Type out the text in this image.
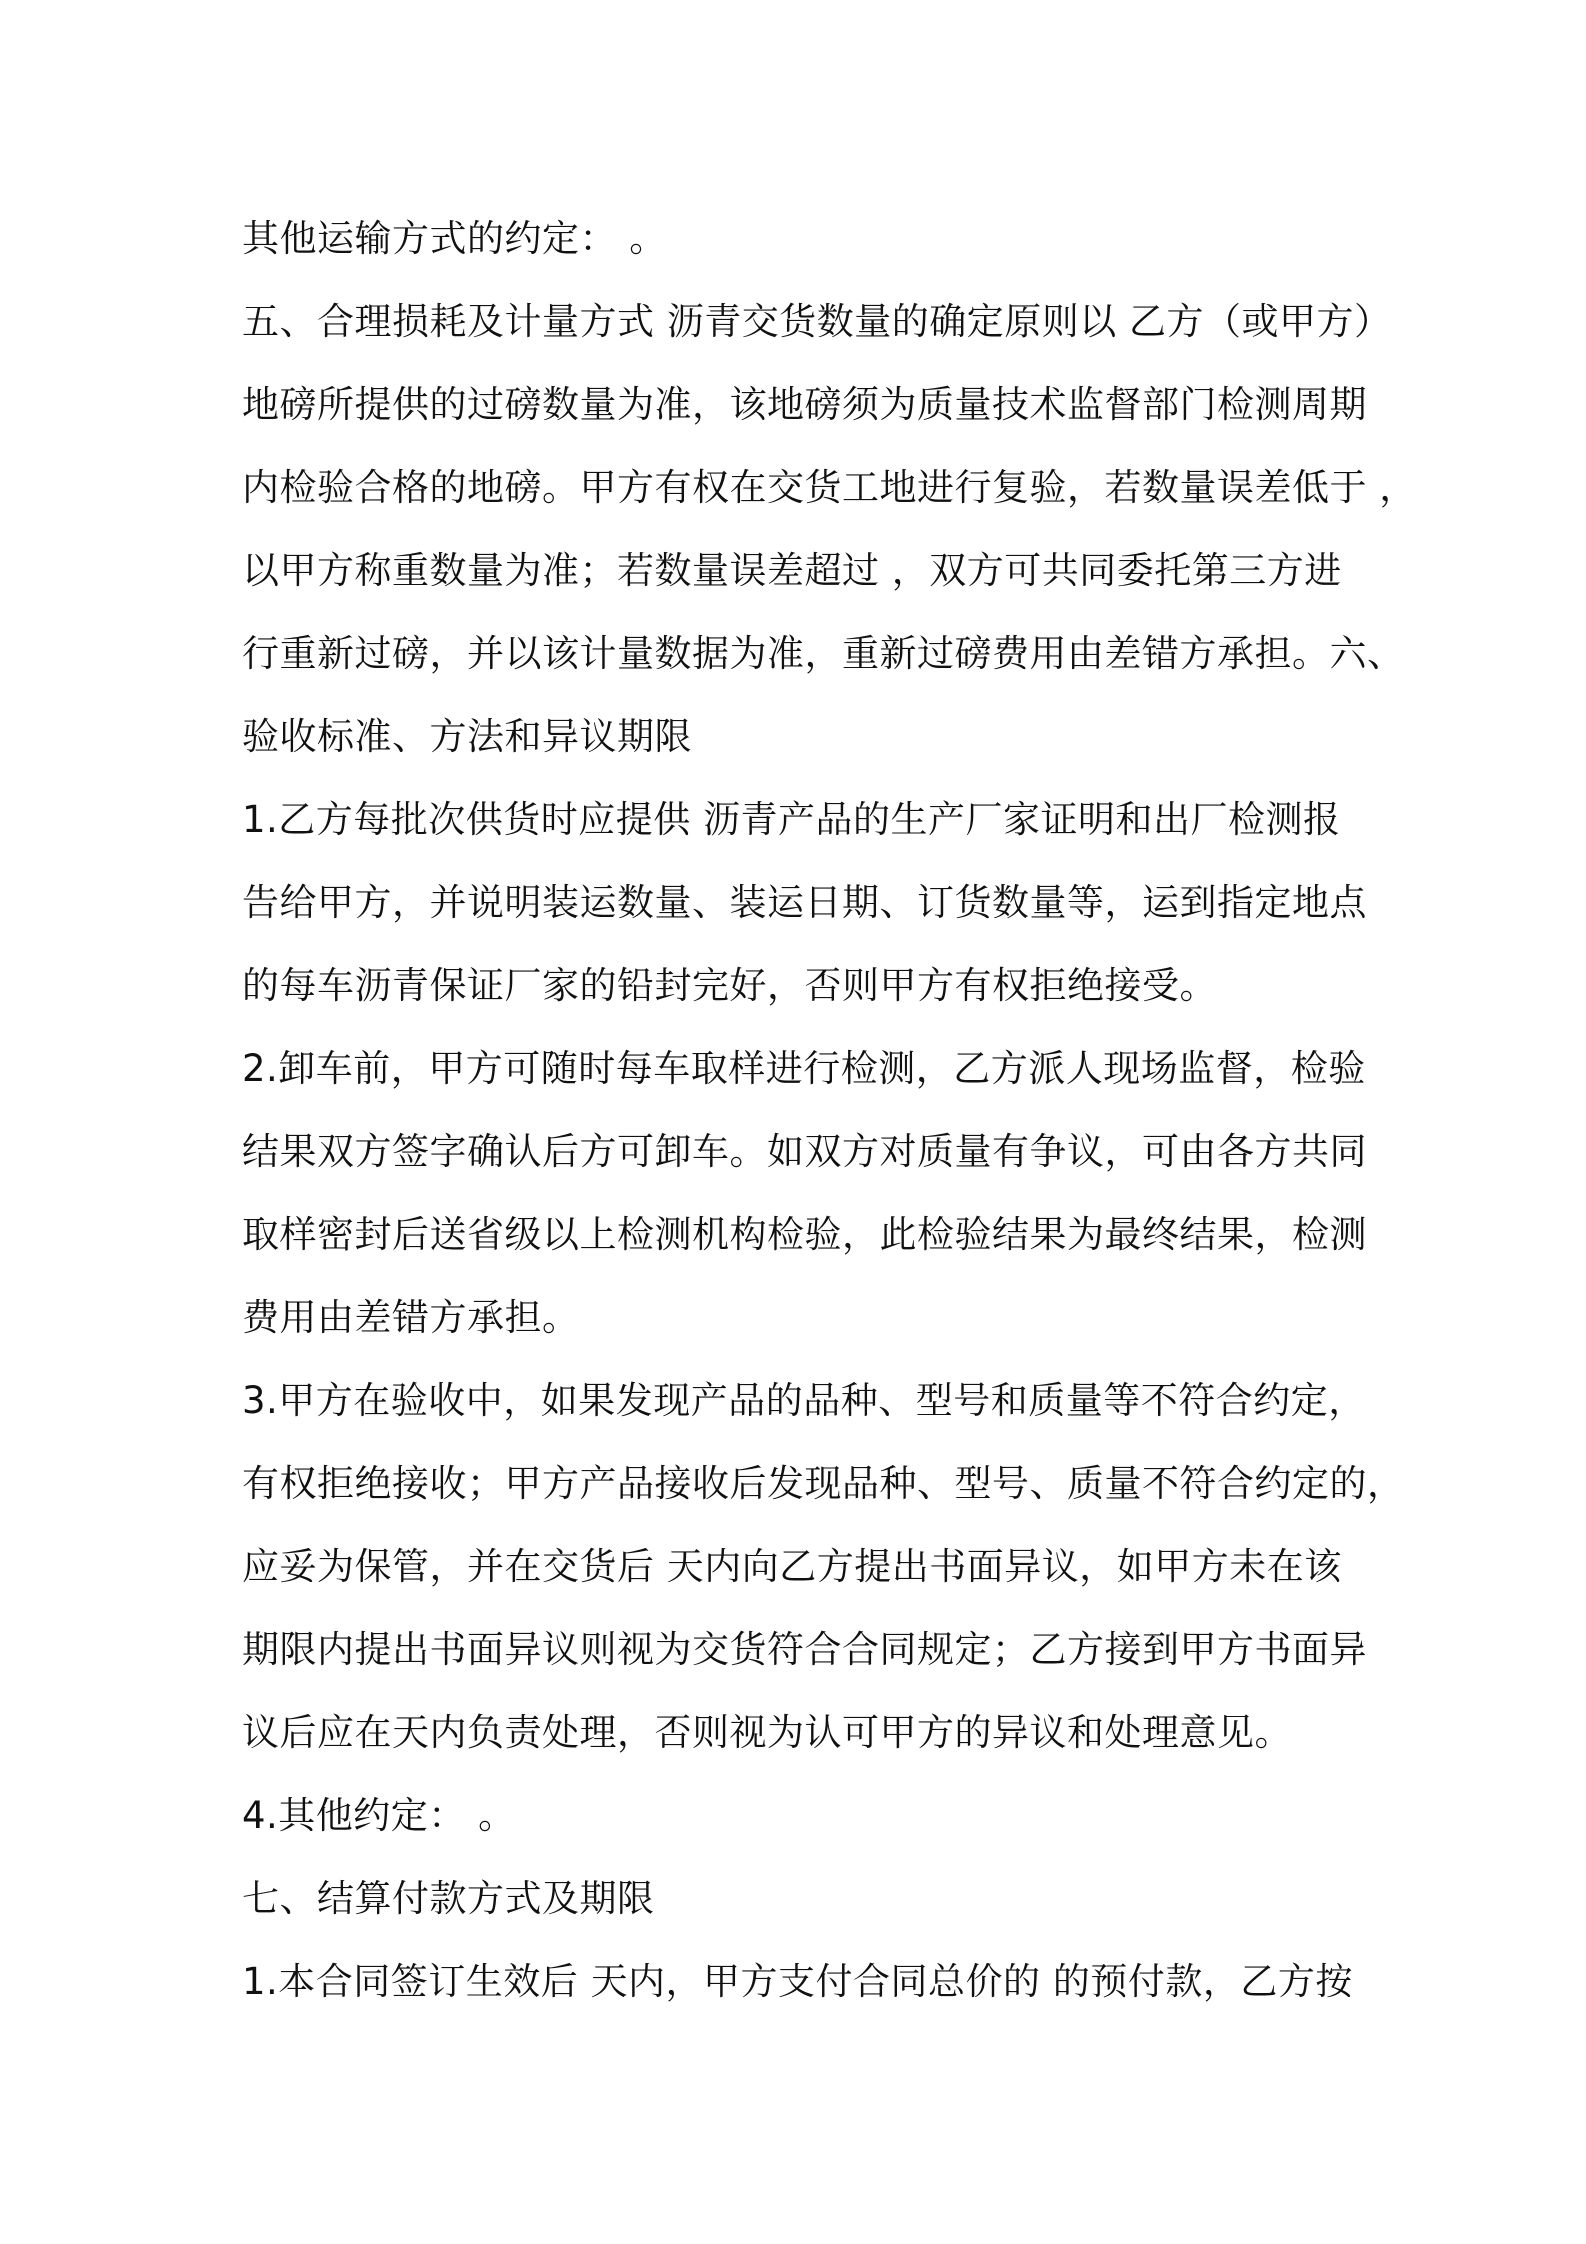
其他运输方式的约定： 。
五、合理损耗及计量方式 沥青交货数量的确定原则以 乙方（或甲方）
地磅所提供的过磅数量为准，该地磅须为质量技术监督部门检测周期
内检验合格的地磅。甲方有权在交货工地进行复验，若数量误差低于 ，
以甲方称重数量为准；若数量误差超过 ，双方可共同委托第三方进
行重新过磅，并以该计量数据为准，重新过磅费用由差错方承担。六、
验收标准、方法和异议期限
1.乙方每批次供货时应提供 沥青产品的生产厂家证明和出厂检测报
告给甲方，并说明装运数量、装运日期、订货数量等，运到指定地点
的每车沥青保证厂家的铅封完好，否则甲方有权拒绝接受。
2.卸车前，甲方可随时每车取样进行检测，乙方派人现场监督，检验
结果双方签字确认后方可卸车。如双方对质量有争议，可由各方共同
取样密封后送省级以上检测机构检验，此检验结果为最终结果，检测
费用由差错方承担。
3.甲方在验收中，如果发现产品的品种、型号和质量等不符合约定，
有权拒绝接收；甲方产品接收后发现品种、型号、质量不符合约定的，
应妥为保管，并在交货后 天内向乙方提出书面异议，如甲方未在该
期限内提出书面异议则视为交货符合合同规定；乙方接到甲方书面异
议后应在天内负责处理，否则视为认可甲方的异议和处理意见。
4.其他约定： 。
七、结算付款方式及期限
1.本合同签订生效后 天内，甲方支付合同总价的 的预付款，乙方按
